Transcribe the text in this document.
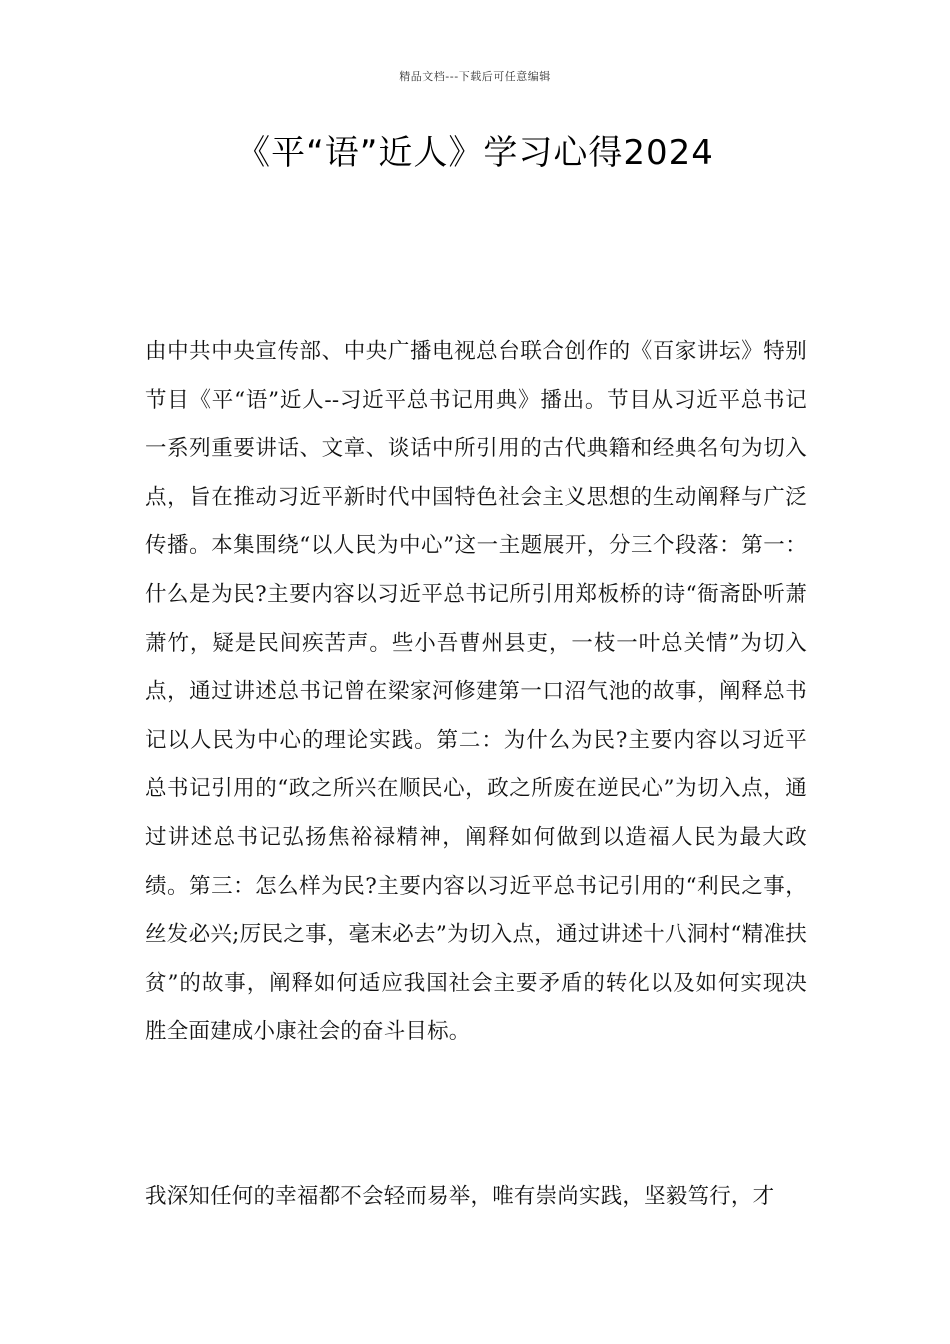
精品文档---下载后可任意编辑
《平“语”近人》学习心得2024

由中共中央宣传部、中央广播电视总台联合创作的《百家讲坛》特别节目《平“语”近人--习近平总书记用典》播出。节目从习近平总书记一系列重要讲话、文章、谈话中所引用的古代典籍和经典名句为切入点，旨在推动习近平新时代中国特色社会主义思想的生动阐释与广泛传播。本集围绕“以人民为中心”这一主题展开，分三个段落：第一：什么是为民?主要内容以习近平总书记所引用郑板桥的诗“衙斋卧听萧萧竹，疑是民间疾苦声。些小吾曹州县吏，一枝一叶总关情”为切入点，通过讲述总书记曾在梁家河修建第一口沼气池的故事，阐释总书记以人民为中心的理论实践。第二：为什么为民?主要内容以习近平总书记引用的“政之所兴在顺民心，政之所废在逆民心”为切入点，通过讲述总书记弘扬焦裕禄精神，阐释如何做到以造福人民为最大政绩。第三：怎么样为民?主要内容以习近平总书记引用的“利民之事，丝发必兴;厉民之事，毫末必去”为切入点，通过讲述十八洞村“精准扶贫”的故事，阐释如何适应我国社会主要矛盾的转化以及如何实现决胜全面建成小康社会的奋斗目标。

我深知任何的幸福都不会轻而易举，唯有崇尚实践，坚毅笃行，才
